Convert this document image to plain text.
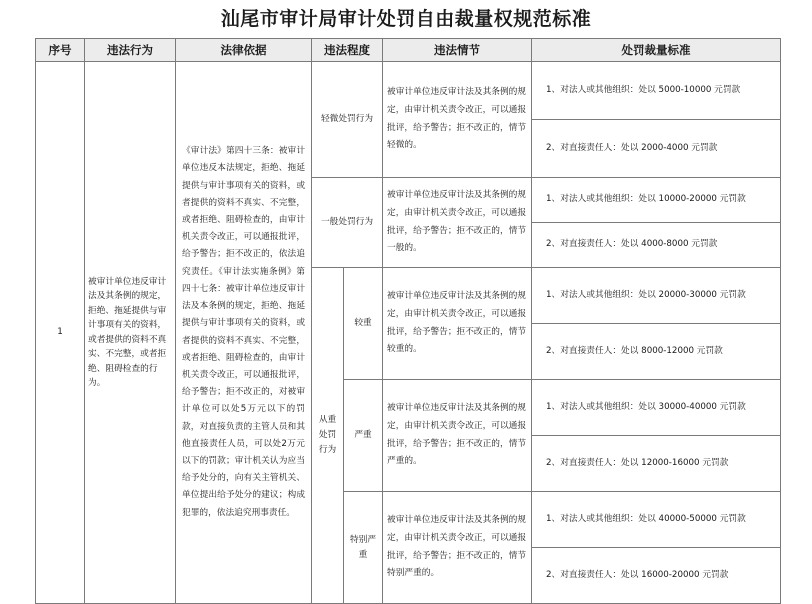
汕尾市审计局审计处罚自由裁量权规范标准
序号	违法行为	法律依据	违法程度		违法情节	处罚裁量标准
1	被审计单位违反审计法及其条例的规定，拒绝、拖延提供与审计事项有关的资料，或者提供的资料不真实、不完整，或者拒绝、阻碍检查的行为。	《审计法》第四十三条：被审计单位违反本法规定，拒绝、拖延提供与审计事项有关的资料，或者提供的资料不真实、不完整，或者拒绝、阻碍检查的，由审计机关责令改正，可以通报批评，给予警告；拒不改正的，依法追究责任。《审计法实施条例》第四十七条：被审计单位违反审计法及本条例的规定，拒绝、拖延提供与审计事项有关的资料，或者提供的资料不真实、不完整，或者拒绝、阻碍检查的，由审计机关责令改正，可以通报批评，给予警告；拒不改正的，对被审计单位可以处5万元以下的罚款，对直接负责的主管人员和其他直接责任人员，可以处2万元以下的罚款；审计机关认为应当给予处分的，向有关主管机关、单位提出给予处分的建议；构成犯罪的，依法追究刑事责任。	轻微处罚行为		被审计单位违反审计法及其条例的规定，由审计机关责令改正，可以通报批评，给予警告；拒不改正的，情节轻微的。	1、对法人或其他组织：处以 5000-10000 元罚款
						2、对直接责任人：处以 2000-4000 元罚款
			一般处罚行为		被审计单位违反审计法及其条例的规定，由审计机关责令改正，可以通报批评，给予警告；拒不改正的，情节一般的。	1、对法人或其他组织：处以 10000-20000 元罚款
						2、对直接责任人：处以 4000-8000 元罚款
			从重处罚行为	较重	被审计单位违反审计法及其条例的规定，由审计机关责令改正，可以通报批评，给予警告；拒不改正的，情节较重的。	1、对法人或其他组织：处以 20000-30000 元罚款
						2、对直接责任人：处以 8000-12000 元罚款
				严重	被审计单位违反审计法及其条例的规定，由审计机关责令改正，可以通报批评，给予警告；拒不改正的，情节严重的。	1、对法人或其他组织：处以 30000-40000 元罚款
						2、对直接责任人：处以 12000-16000 元罚款
				特别严重	被审计单位违反审计法及其条例的规定，由审计机关责令改正，可以通报批评，给予警告；拒不改正的，情节特别严重的。	1、对法人或其他组织：处以 40000-50000 元罚款
						2、对直接责任人：处以 16000-20000 元罚款
